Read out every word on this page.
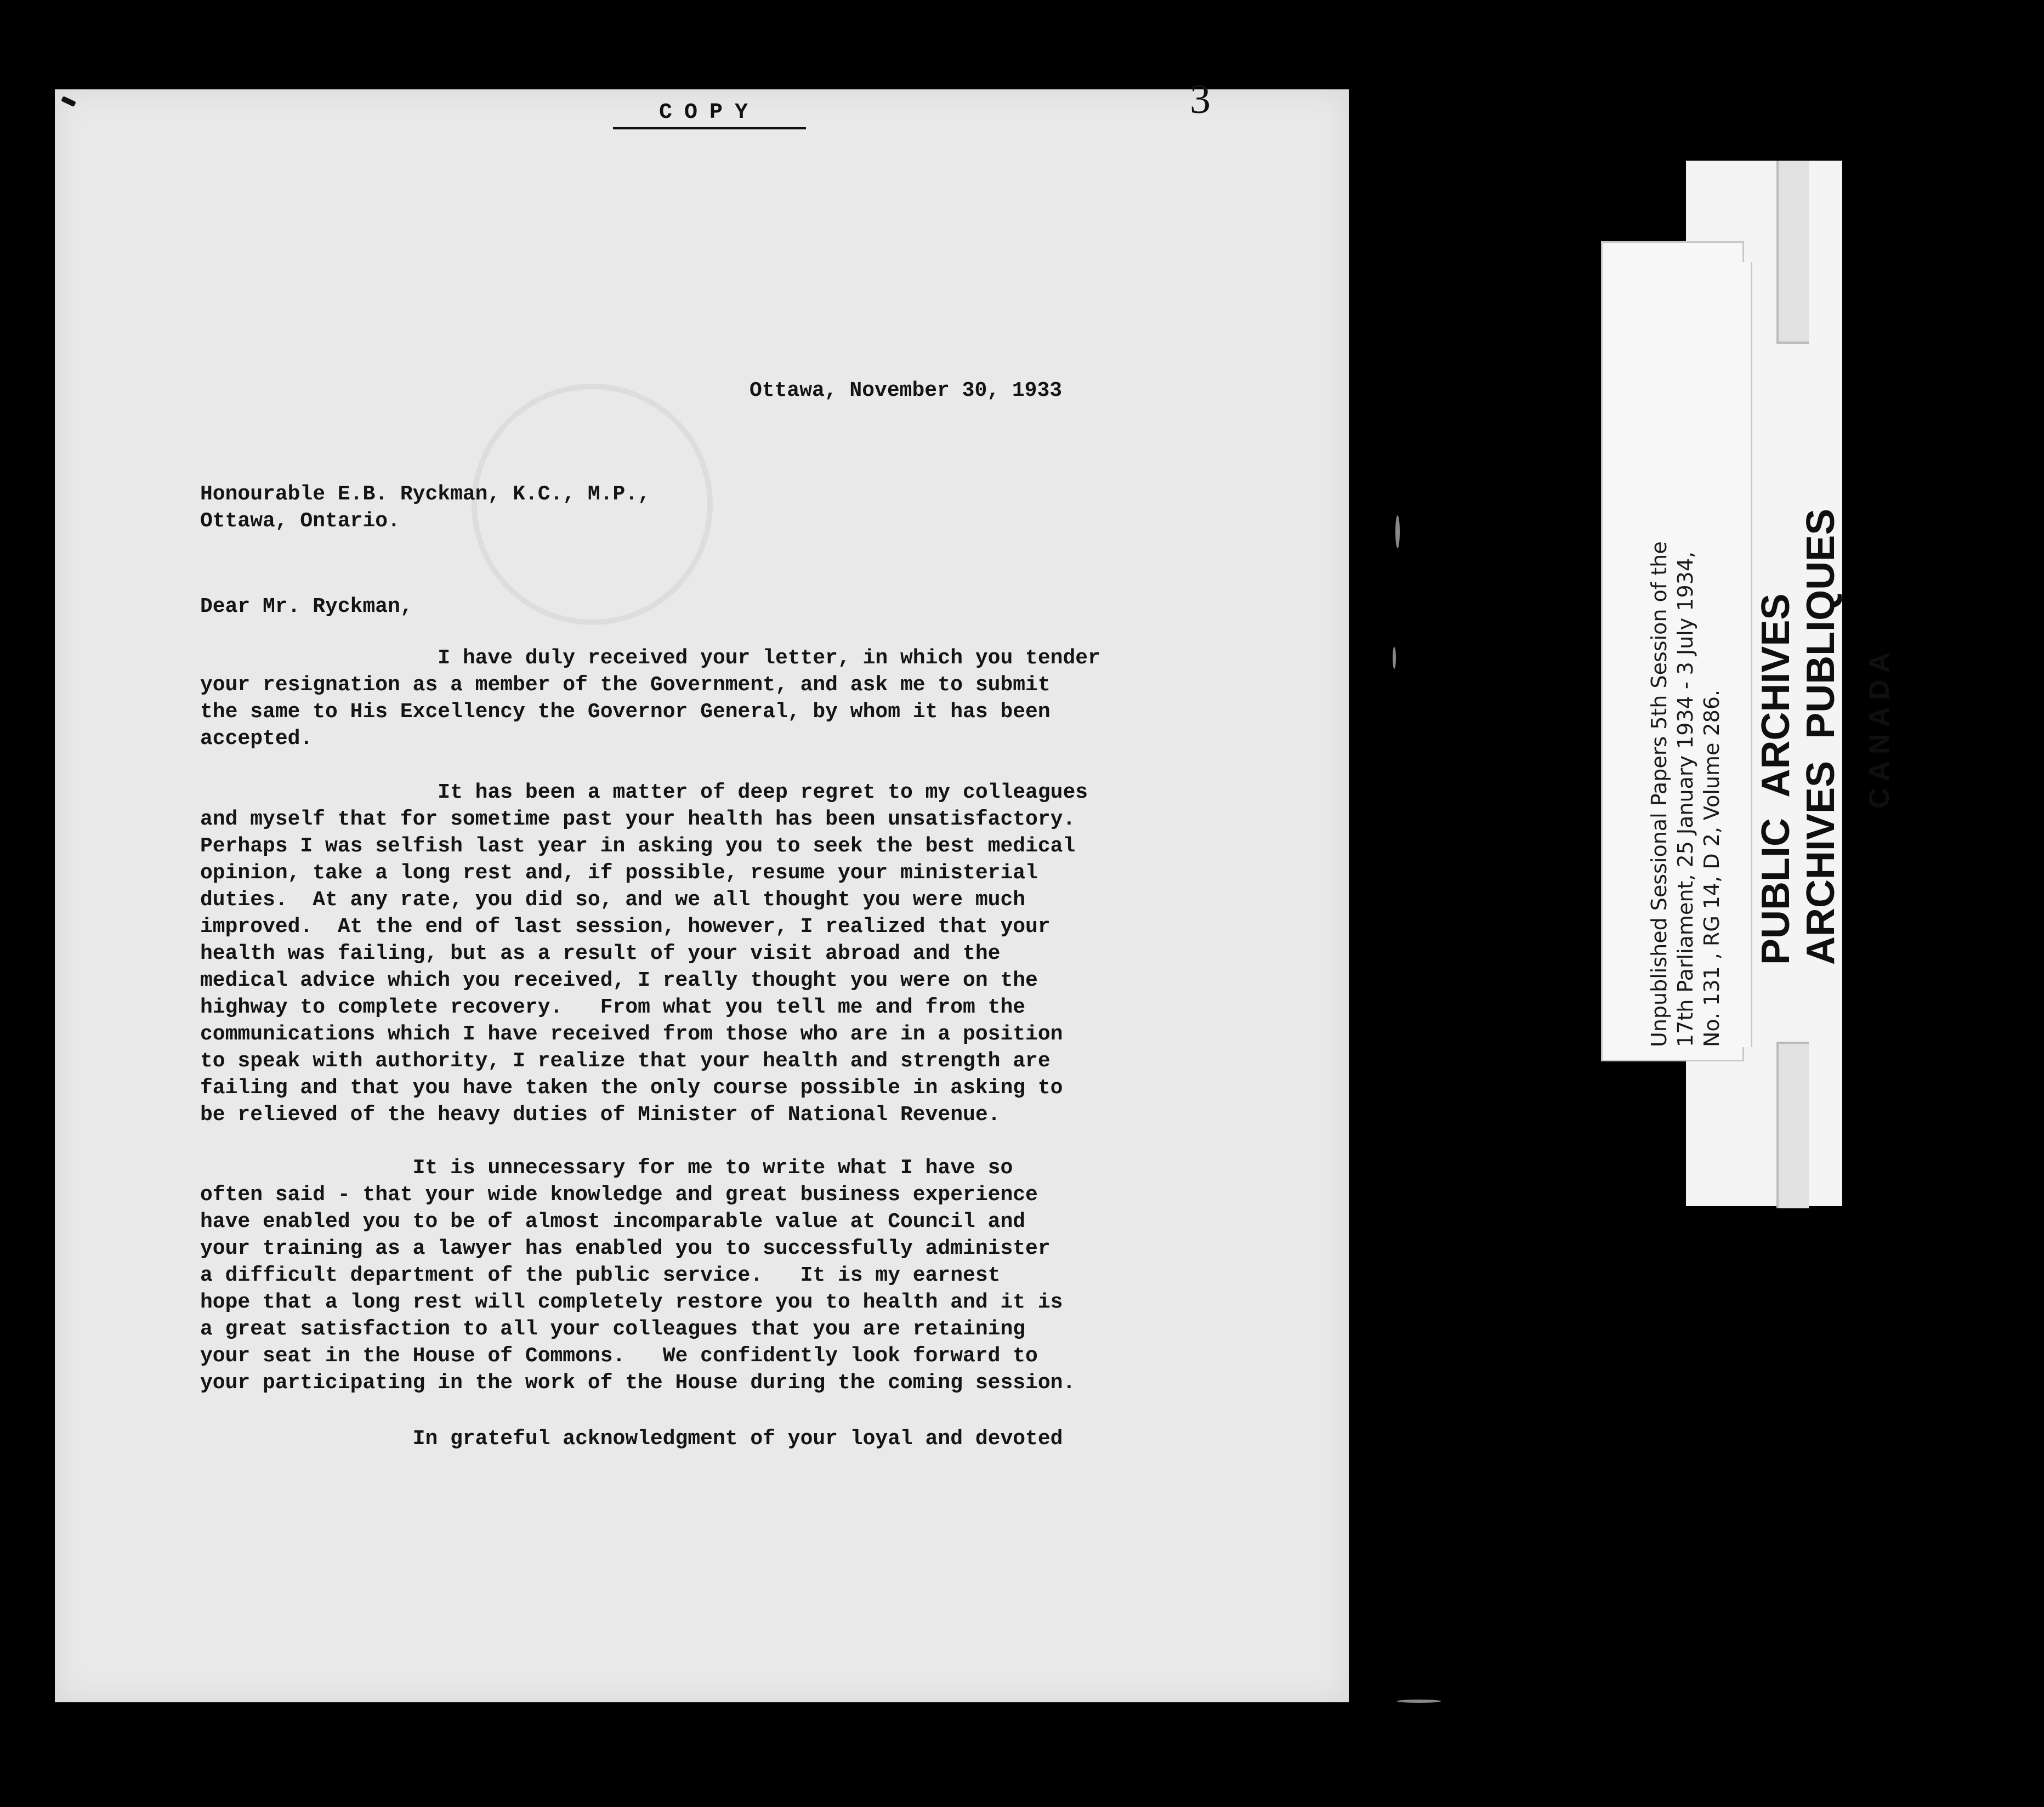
COPY	3

Ottawa, November 30, 1933

Honourable E.B. Ryckman, K.C., M.P.,
Ottawa, Ontario.

Dear Mr. Ryckman,

I have duly received your letter, in which you tender
your resignation as a member of the Government, and ask me to submit
the same to His Excellency the Governor General, by whom it has been
accepted.
It has been a matter of deep regret to my colleagues
and myself that for sometime past your health has been unsatisfactory.
Perhaps I was selfish last year in asking you to seek the best medical
opinion, take a long rest and, if possible, resume your ministerial
duties.  At any rate, you did so, and we all thought you were much
improved.  At the end of last session, however, I realized that your
health was failing, but as a result of your visit abroad and the
medical advice which you received, I really thought you were on the
highway to complete recovery.   From what you tell me and from the
communications which I have received from those who are in a position
to speak with authority, I realize that your health and strength are
failing and that you have taken the only course possible in asking to
be relieved of the heavy duties of Minister of National Revenue.
It is unnecessary for me to write what I have so
often said - that your wide knowledge and great business experience
have enabled you to be of almost incomparable value at Council and
your training as a lawyer has enabled you to successfully administer
a difficult department of the public service.   It is my earnest
hope that a long rest will completely restore you to health and it is
a great satisfaction to all your colleagues that you are retaining
your seat in the House of Commons.   We confidently look forward to
your participating in the work of the House during the coming session.
In grateful acknowledgment of your loyal and devoted
Unpublished Sessional Papers 5th Session of the 17th Parliament, 25 January 1934 - 3 July 1934, No. 131 , RG 14, D 2, Volume 286. PUBLIC  ARCHIVES ARCHIVES  PUBLIQUES CANADA
